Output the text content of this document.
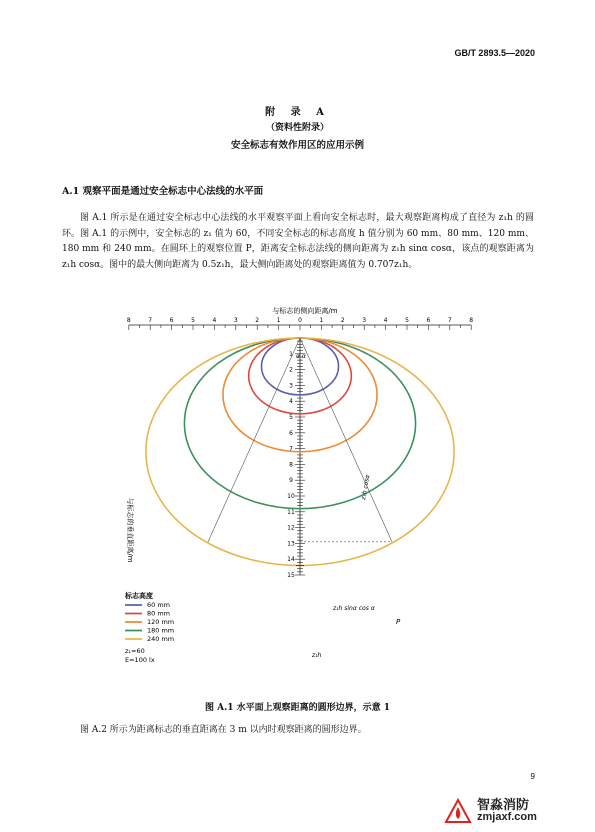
GB/T 2893.5—2020
附 录 A
（资料性附录）
安全标志有效作用区的应用示例
A.1 观察平面是通过安全标志中心法线的水平面
图 A.1 所示是在通过安全标志中心法线的水平观察平面上看向安全标志时，最大观察距离构成了直径为 z₁h 的圆环。图 A.1 的示例中，安全标志的 z₁ 值为 60，不同安全标志的标志高度 h 值分别为 60 mm、80 mm、120 mm、180 mm 和 240 mm。在圆环上的观察位置 P，距离安全标志法线的侧向距离为 z₁h sinα cosα，该点的观察距离为 z₁h cosα。图中的最大侧向距离为 0.5z₁h，最大侧向距离处的观察距离值为 0.707z₁h。
与标志的侧向距离/m
8	7	6	5	4	3	2	1	0	1	2	3	4	5	6	7	8
1
2
3
4
5
6
7
8
9
10
11
12
13
14
15
α α
z₁h cosα
z₁h sinα cos α
P
z₁h
与标志的垂直距离/m
标志高度
60 mm
80 mm
120 mm
180 mm
240 mm
z₁=60
E=100 lx
图 A.1 水平面上观察距离的圆形边界，示意 1
图 A.2 所示为距离标志的垂直距离在 3 m 以内时观察距离的圆形边界。
9
智淼消防
zmjaxf.com
